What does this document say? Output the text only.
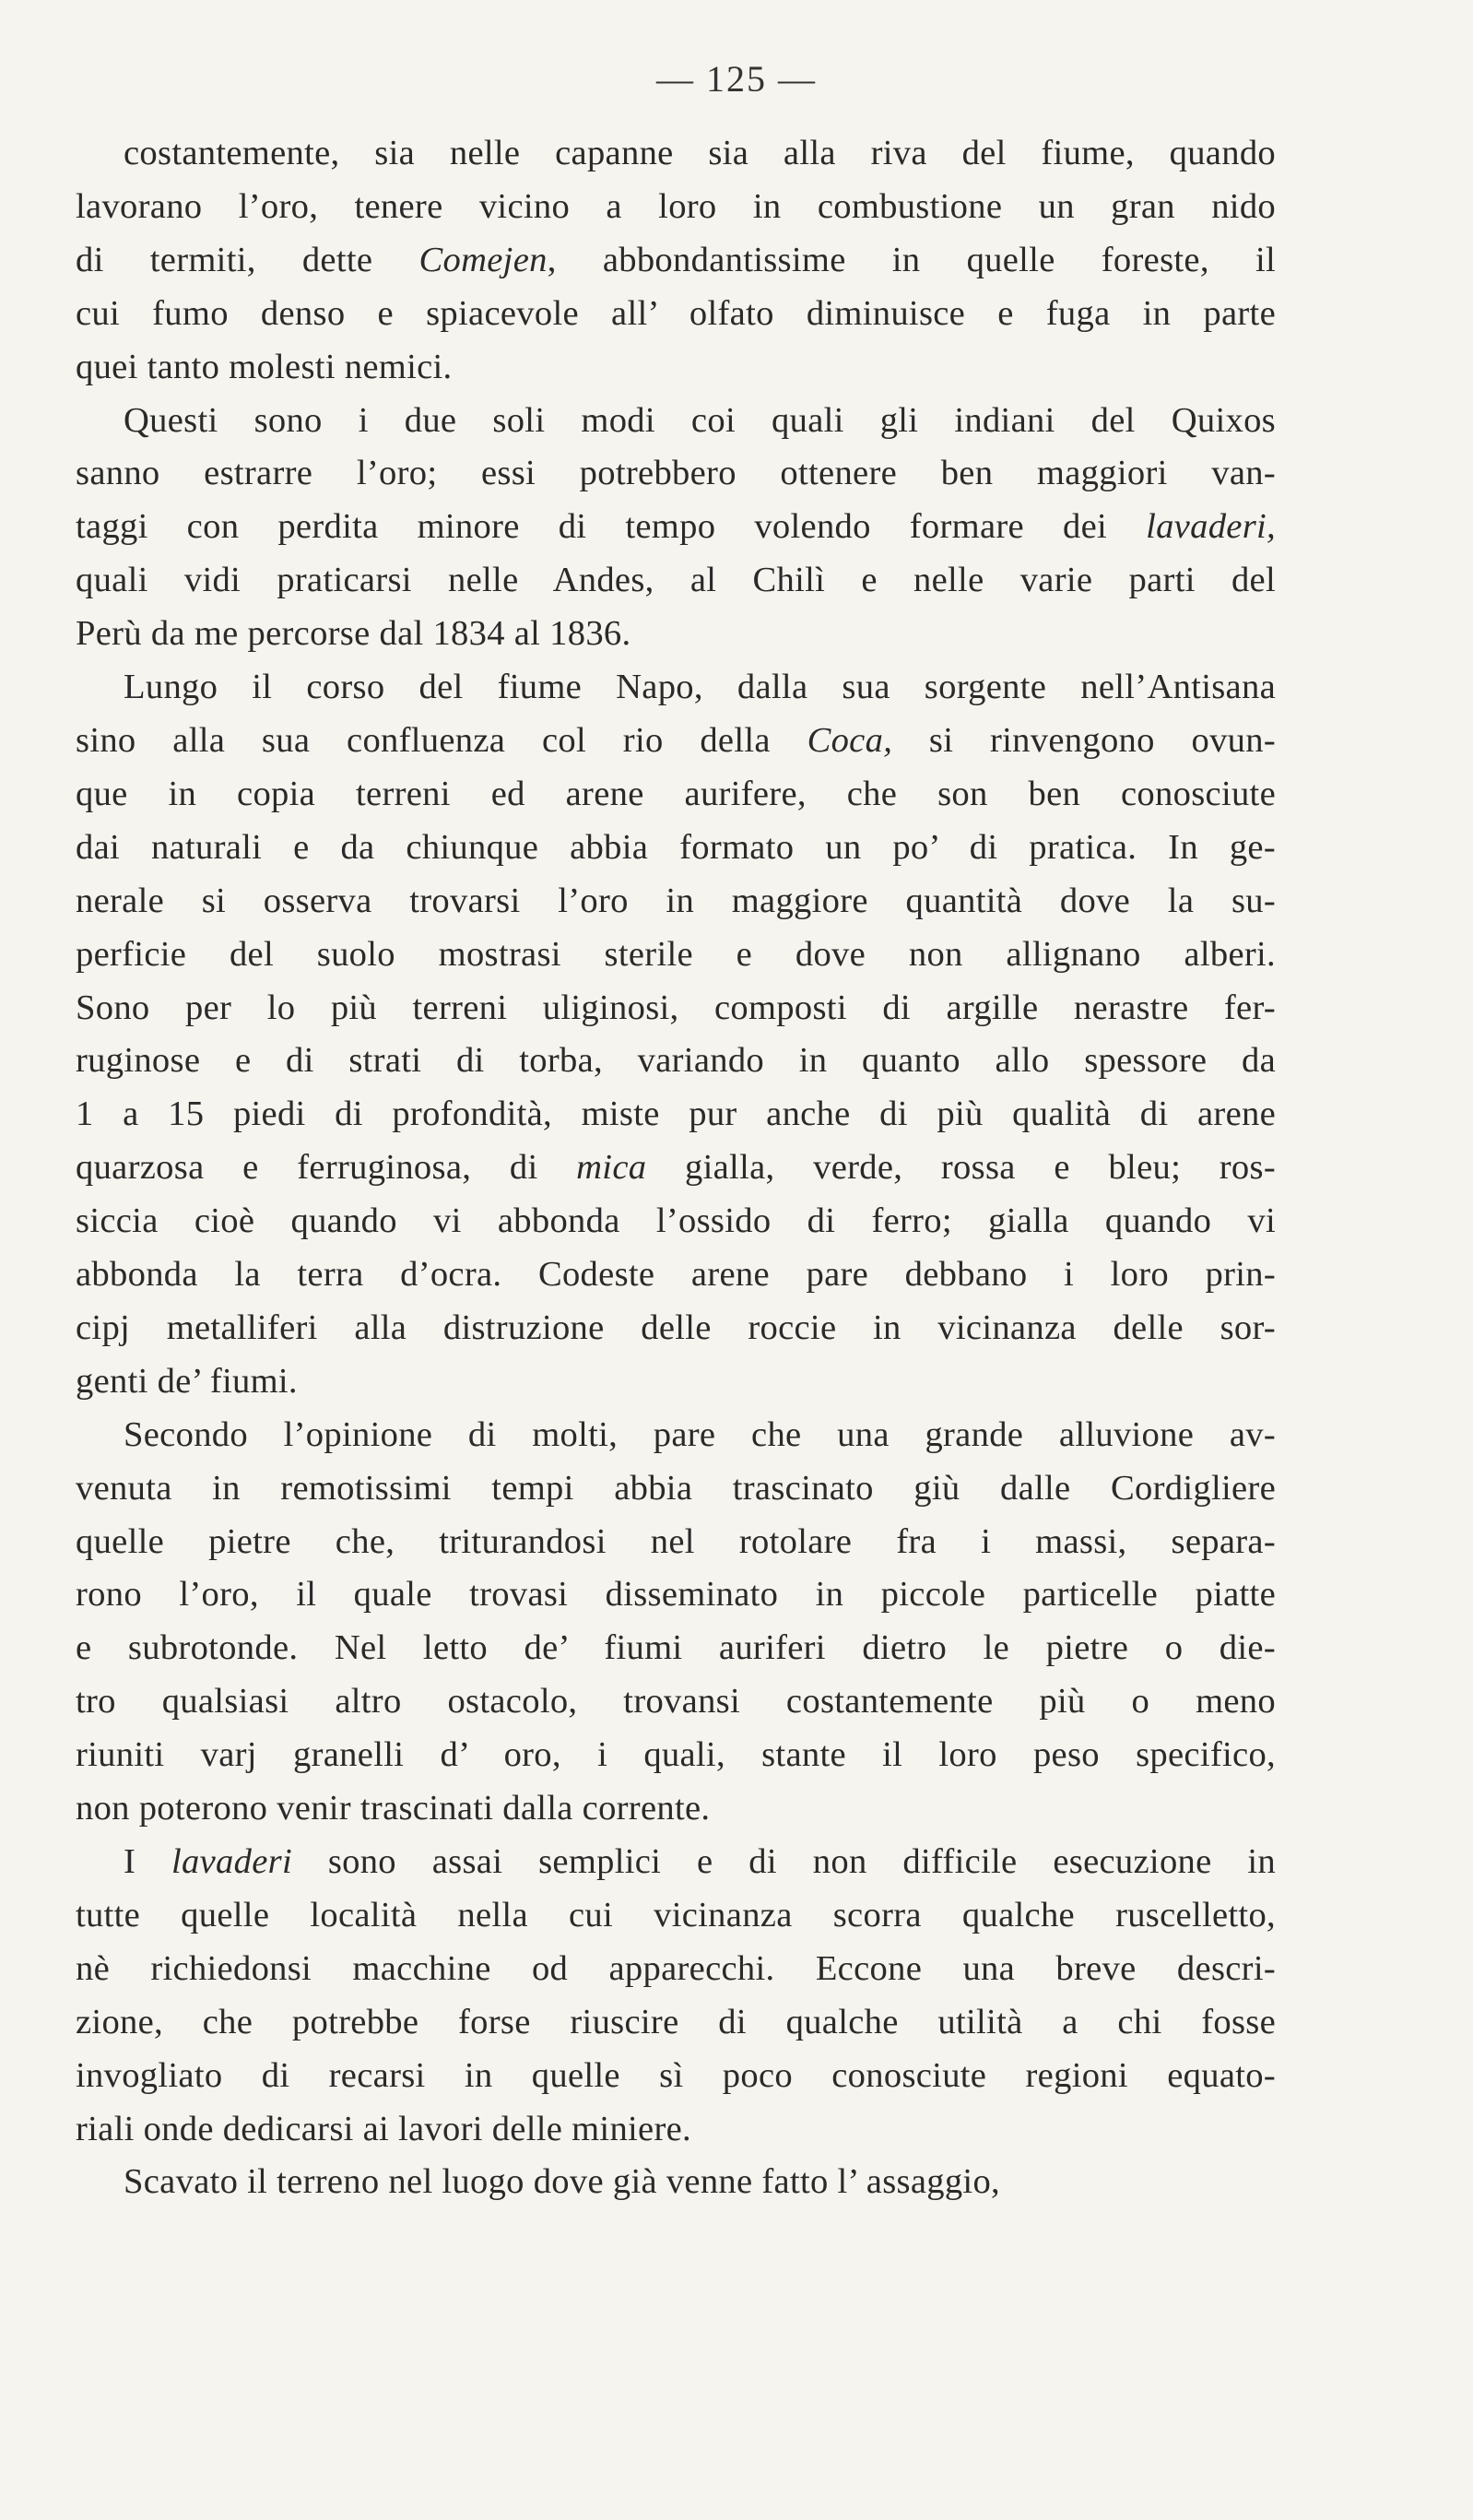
— 125 —
costantemente, sia nelle capanne sia alla riva del fiume, quando
lavorano l’oro, tenere vicino a loro in combustione un gran nido
di termiti, dette Comejen, abbondantissime in quelle foreste, il
cui fumo denso e spiacevole all’ olfato diminuisce e fuga in parte
quei tanto molesti nemici.
Questi sono i due soli modi coi quali gli indiani del Quixos
sanno estrarre l’oro; essi potrebbero ottenere ben maggiori van-
taggi con perdita minore di tempo volendo formare dei lavaderi,
quali vidi praticarsi nelle Andes, al Chilì e nelle varie parti del
Perù da me percorse dal 1834 al 1836.
Lungo il corso del fiume Napo, dalla sua sorgente nell’Antisana
sino alla sua confluenza col rio della Coca, si rinvengono ovun-
que in copia terreni ed arene aurifere, che son ben conosciute
dai naturali e da chiunque abbia formato un po’ di pratica. In ge-
nerale si osserva trovarsi l’oro in maggiore quantità dove la su-
perficie del suolo mostrasi sterile e dove non allignano alberi.
Sono per lo più terreni uliginosi, composti di argille nerastre fer-
ruginose e di strati di torba, variando in quanto allo spessore da
1 a 15 piedi di profondità, miste pur anche di più qualità di arene
quarzosa e ferruginosa, di mica gialla, verde, rossa e bleu; ros-
siccia cioè quando vi abbonda l’ossido di ferro; gialla quando vi
abbonda la terra d’ocra. Codeste arene pare debbano i loro prin-
cipj metalliferi alla distruzione delle roccie in vicinanza delle sor-
genti de’ fiumi.
Secondo l’opinione di molti, pare che una grande alluvione av-
venuta in remotissimi tempi abbia trascinato giù dalle Cordigliere
quelle pietre che, triturandosi nel rotolare fra i massi, separa-
rono l’oro, il quale trovasi disseminato in piccole particelle piatte
e subrotonde. Nel letto de’ fiumi auriferi dietro le pietre o die-
tro qualsiasi altro ostacolo, trovansi costantemente più o meno
riuniti varj granelli d’ oro, i quali, stante il loro peso specifico,
non poterono venir trascinati dalla corrente.
I lavaderi sono assai semplici e di non difficile esecuzione in
tutte quelle località nella cui vicinanza scorra qualche ruscelletto,
nè richiedonsi macchine od apparecchi. Eccone una breve descri-
zione, che potrebbe forse riuscire di qualche utilità a chi fosse
invogliato di recarsi in quelle sì poco conosciute regioni equato-
riali onde dedicarsi ai lavori delle miniere.
Scavato il terreno nel luogo dove già venne fatto l’ assaggio,
